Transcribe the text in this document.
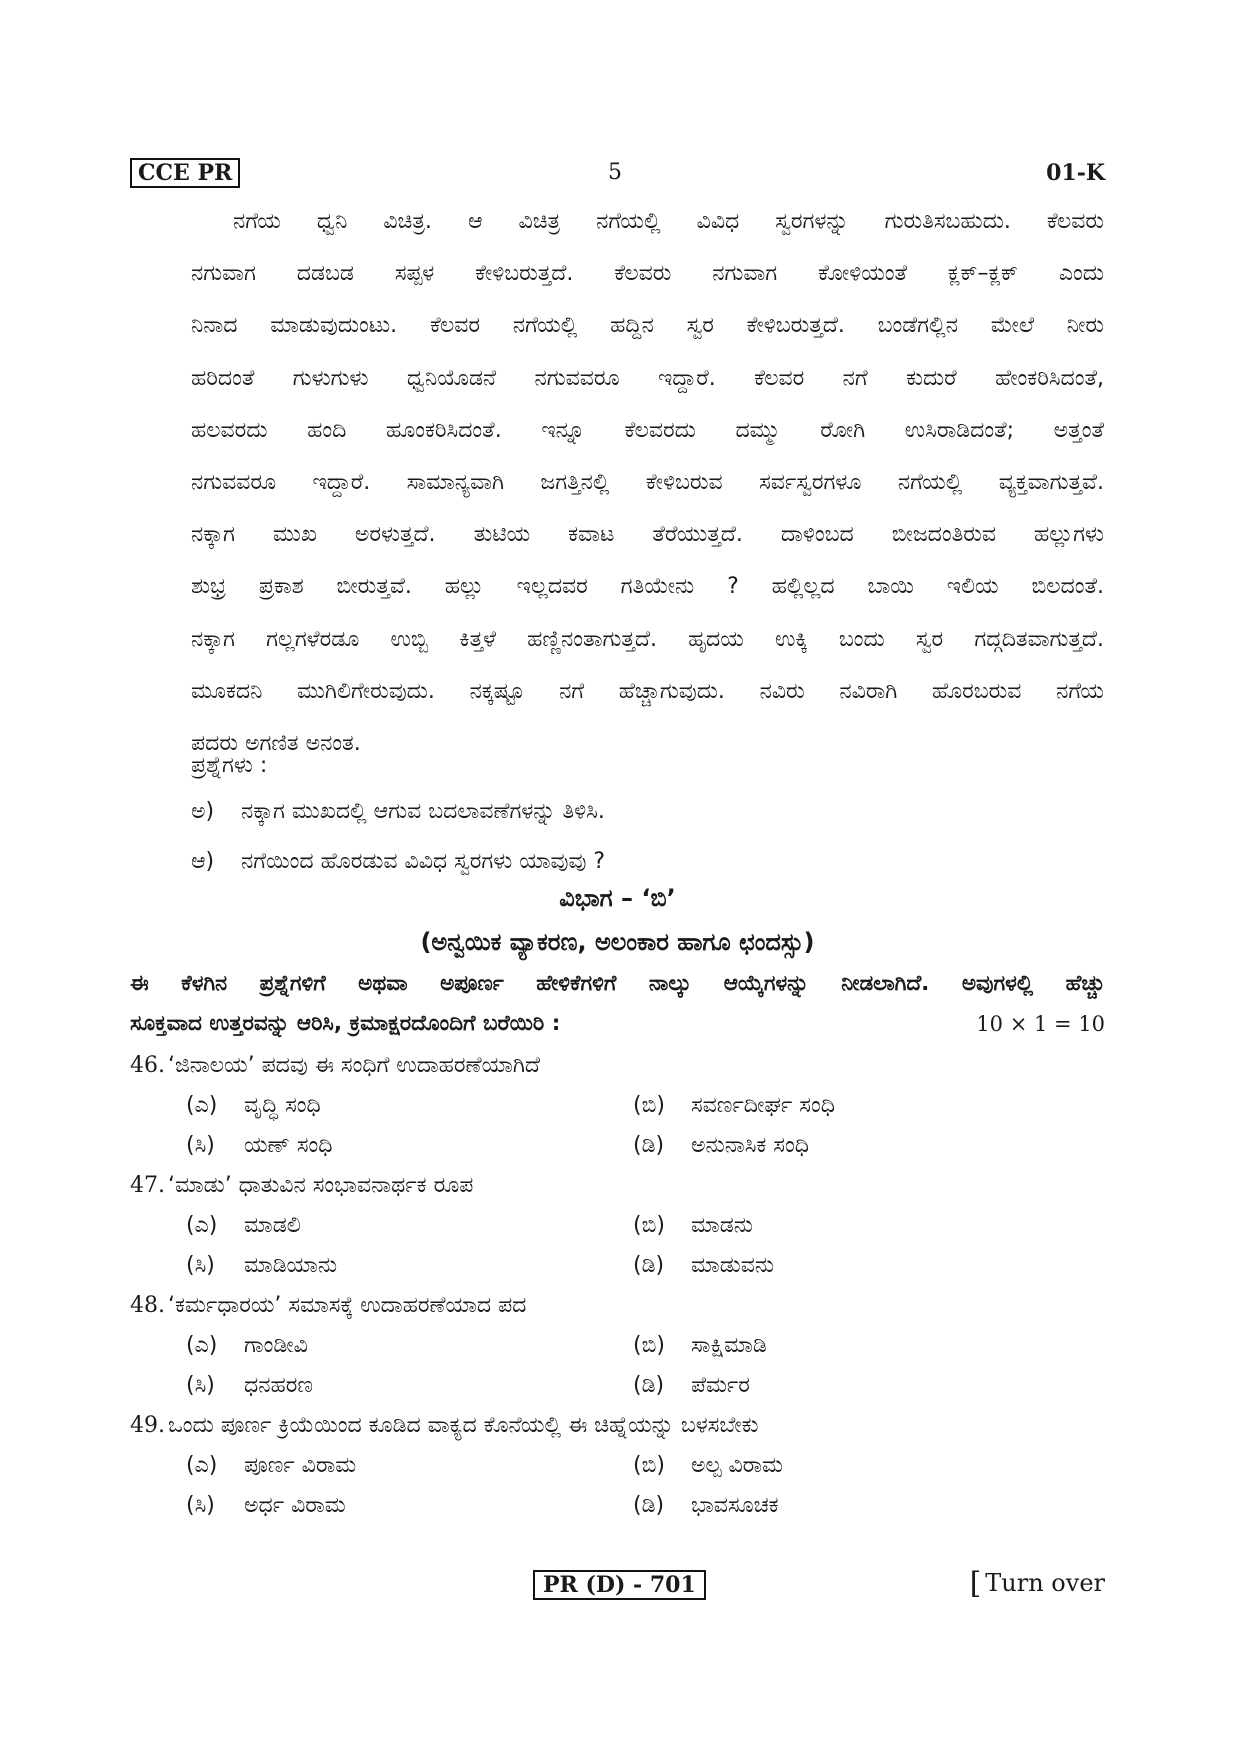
CCE PR	5	01-K
ನಗೆಯ ಧ್ವನಿ ವಿಚಿತ್ರ. ಆ ವಿಚಿತ್ರ ನಗೆಯಲ್ಲಿ ವಿವಿಧ ಸ್ವರಗಳನ್ನು ಗುರುತಿಸಬಹುದು. ಕೆಲವರು
ನಗುವಾಗ ದಡಬಡ ಸಪ್ಪಳ ಕೇಳಿಬರುತ್ತದೆ. ಕೆಲವರು ನಗುವಾಗ ಕೋಳಿಯಂತೆ ಕ್ಲಕ್‌–ಕ್ಲಕ್ ಎಂದು
ನಿನಾದ ಮಾಡುವುದುಂಟು. ಕೆಲವರ ನಗೆಯಲ್ಲಿ ಹದ್ದಿನ ಸ್ವರ ಕೇಳಿಬರುತ್ತದೆ. ಬಂಡೆಗಲ್ಲಿನ ಮೇಲೆ ನೀರು
ಹರಿದಂತೆ ಗುಳುಗುಳು ಧ್ವನಿಯೊಡನೆ ನಗುವವರೂ ಇದ್ದಾರೆ. ಕೆಲವರ ನಗೆ ಕುದುರೆ ಹೇಂಕರಿಸಿದಂತೆ,
ಹಲವರದು ಹಂದಿ ಹೂಂಕರಿಸಿದಂತೆ. ಇನ್ನೂ ಕೆಲವರದು ದಮ್ಮು ರೋಗಿ ಉಸಿರಾಡಿದಂತೆ; ಅತ್ತಂತೆ
ನಗುವವರೂ ಇದ್ದಾರೆ. ಸಾಮಾನ್ಯವಾಗಿ ಜಗತ್ತಿನಲ್ಲಿ ಕೇಳಿಬರುವ ಸರ್ವಸ್ವರಗಳೂ ನಗೆಯಲ್ಲಿ ವ್ಯಕ್ತವಾಗುತ್ತವೆ.
ನಕ್ಕಾಗ ಮುಖ ಅರಳುತ್ತದೆ. ತುಟಿಯ ಕವಾಟ ತೆರೆಯುತ್ತದೆ. ದಾಳಿಂಬದ ಬೀಜದಂತಿರುವ ಹಲ್ಲುಗಳು
ಶುಭ್ರ ಪ್ರಕಾಶ ಬೀರುತ್ತವೆ. ಹಲ್ಲು ಇಲ್ಲದವರ ಗತಿಯೇನು ? ಹಲ್ಲಿಲ್ಲದ ಬಾಯಿ ಇಲಿಯ ಬಿಲದಂತೆ.
ನಕ್ಕಾಗ ಗಲ್ಲಗಳೆರಡೂ ಉಬ್ಬಿ ಕಿತ್ತಳೆ ಹಣ್ಣಿನಂತಾಗುತ್ತದೆ. ಹೃದಯ ಉಕ್ಕಿ ಬಂದು ಸ್ವರ ಗದ್ಗದಿತವಾಗುತ್ತದೆ.
ಮೂಕದನಿ ಮುಗಿಲಿಗೇರುವುದು. ನಕ್ಕಷ್ಟೂ ನಗೆ ಹೆಚ್ಚಾಗುವುದು. ನವಿರು ನವಿರಾಗಿ ಹೊರಬರುವ ನಗೆಯ
ಪದರು ಅಗಣಿತ ಅನಂತ.
ಪ್ರಶ್ನೆಗಳು :
ಅ) ನಕ್ಕಾಗ ಮುಖದಲ್ಲಿ ಆಗುವ ಬದಲಾವಣೆಗಳನ್ನು ತಿಳಿಸಿ.
ಆ) ನಗೆಯಿಂದ ಹೊರಡುವ ವಿವಿಧ ಸ್ವರಗಳು ಯಾವುವು ?
ವಿಭಾಗ – ‘ಬಿ’
(ಅನ್ವಯಿಕ ವ್ಯಾಕರಣ, ಅಲಂಕಾರ ಹಾಗೂ ಛಂದಸ್ಸು)
ಈ ಕೆಳಗಿನ ಪ್ರಶ್ನೆಗಳಿಗೆ ಅಥವಾ ಅಪೂರ್ಣ ಹೇಳಿಕೆಗಳಿಗೆ ನಾಲ್ಕು ಆಯ್ಕೆಗಳನ್ನು ನೀಡಲಾಗಿದೆ. ಅವುಗಳಲ್ಲಿ ಹೆಚ್ಚು
ಸೂಕ್ತವಾದ ಉತ್ತರವನ್ನು ಆರಿಸಿ, ಕ್ರಮಾಕ್ಷರದೊಂದಿಗೆ ಬರೆಯಿರಿ :	10 × 1 = 10
46. ‘ಜಿನಾಲಯ’ ಪದವು ಈ ಸಂಧಿಗೆ ಉದಾಹರಣೆಯಾಗಿದೆ
(ಎ) ವೃದ್ಧಿ ಸಂಧಿ	(ಬಿ) ಸವರ್ಣದೀರ್ಘ ಸಂಧಿ
(ಸಿ) ಯಣ್ ಸಂಧಿ	(ಡಿ) ಅನುನಾಸಿಕ ಸಂಧಿ
47. ‘ಮಾಡು’ ಧಾತುವಿನ ಸಂಭಾವನಾರ್ಥಕ ರೂಪ
(ಎ) ಮಾಡಲಿ	(ಬಿ) ಮಾಡನು
(ಸಿ) ಮಾಡಿಯಾನು	(ಡಿ) ಮಾಡುವನು
48. ‘ಕರ್ಮಧಾರಯ’ ಸಮಾಸಕ್ಕೆ ಉದಾಹರಣೆಯಾದ ಪದ
(ಎ) ಗಾಂಡೀವಿ	(ಬಿ) ಸಾಕ್ಷಿಮಾಡಿ
(ಸಿ) ಧನಹರಣ	(ಡಿ) ಪೆರ್ಮರ
49. ಒಂದು ಪೂರ್ಣ ಕ್ರಿಯೆಯಿಂದ ಕೂಡಿದ ವಾಕ್ಯದ ಕೊನೆಯಲ್ಲಿ ಈ ಚಿಹ್ನೆಯನ್ನು ಬಳಸಬೇಕು
(ಎ) ಪೂರ್ಣ ವಿರಾಮ	(ಬಿ) ಅಲ್ಪ ವಿರಾಮ
(ಸಿ) ಅರ್ಧ ವಿರಾಮ	(ಡಿ) ಭಾವಸೂಚಕ
PR (D) - 701	[ Turn over
